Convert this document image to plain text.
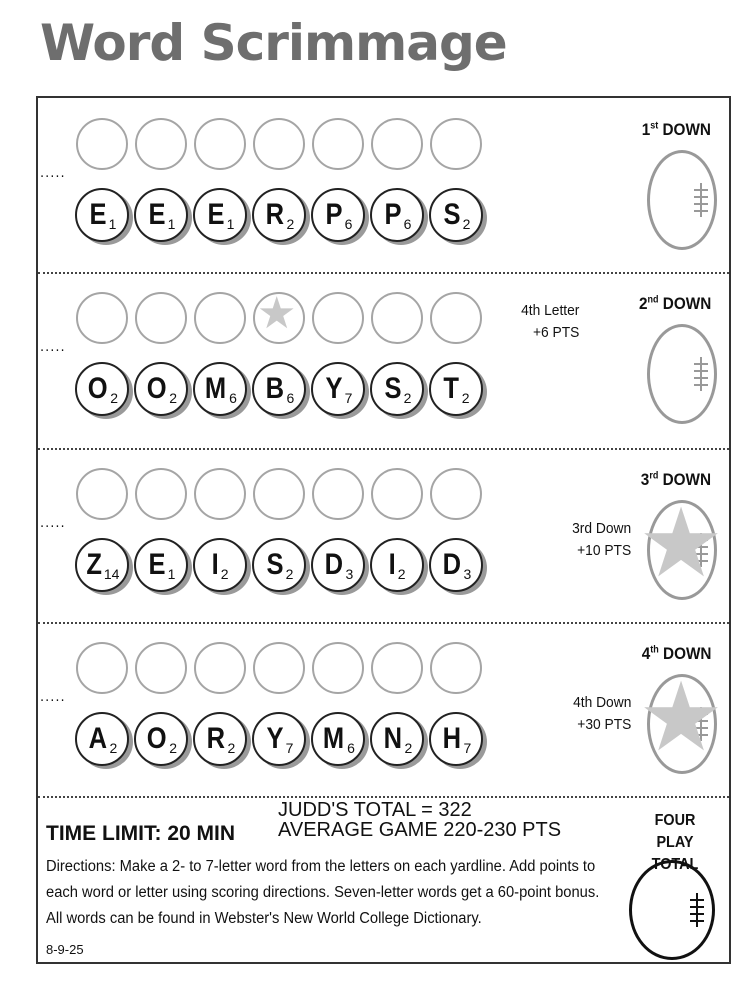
Word Scrimmage
.....
A 2 O 2 R 2 Y 7 M 6 N 2 H 7
4th DOWN
★
4th Down
+30 PTS
.....
Z 14 E 1 I 2 S 2 D 3 I 2 D 3
3rd DOWN
★
3rd Down
+10 PTS
.....
★
O 2 O 2 M 6 B 6 Y 7 S 2 T 2
2nd DOWN
4th Letter
+6 PTS
.....
E 1 E 1 E 1 R 2 P 6 P 6 S 2
1st DOWN
TIME LIMIT: 20 MIN
JUDD'S TOTAL = 322
AVERAGE GAME 220-230 PTS
Directions: Make a 2- to 7-letter word from the letters on each yardline. Add points to each word or letter using scoring directions. Seven-letter words get a 60-point bonus. All words can be found in Webster's New World College Dictionary.
8-9-25
FOUR PLAY
TOTAL
